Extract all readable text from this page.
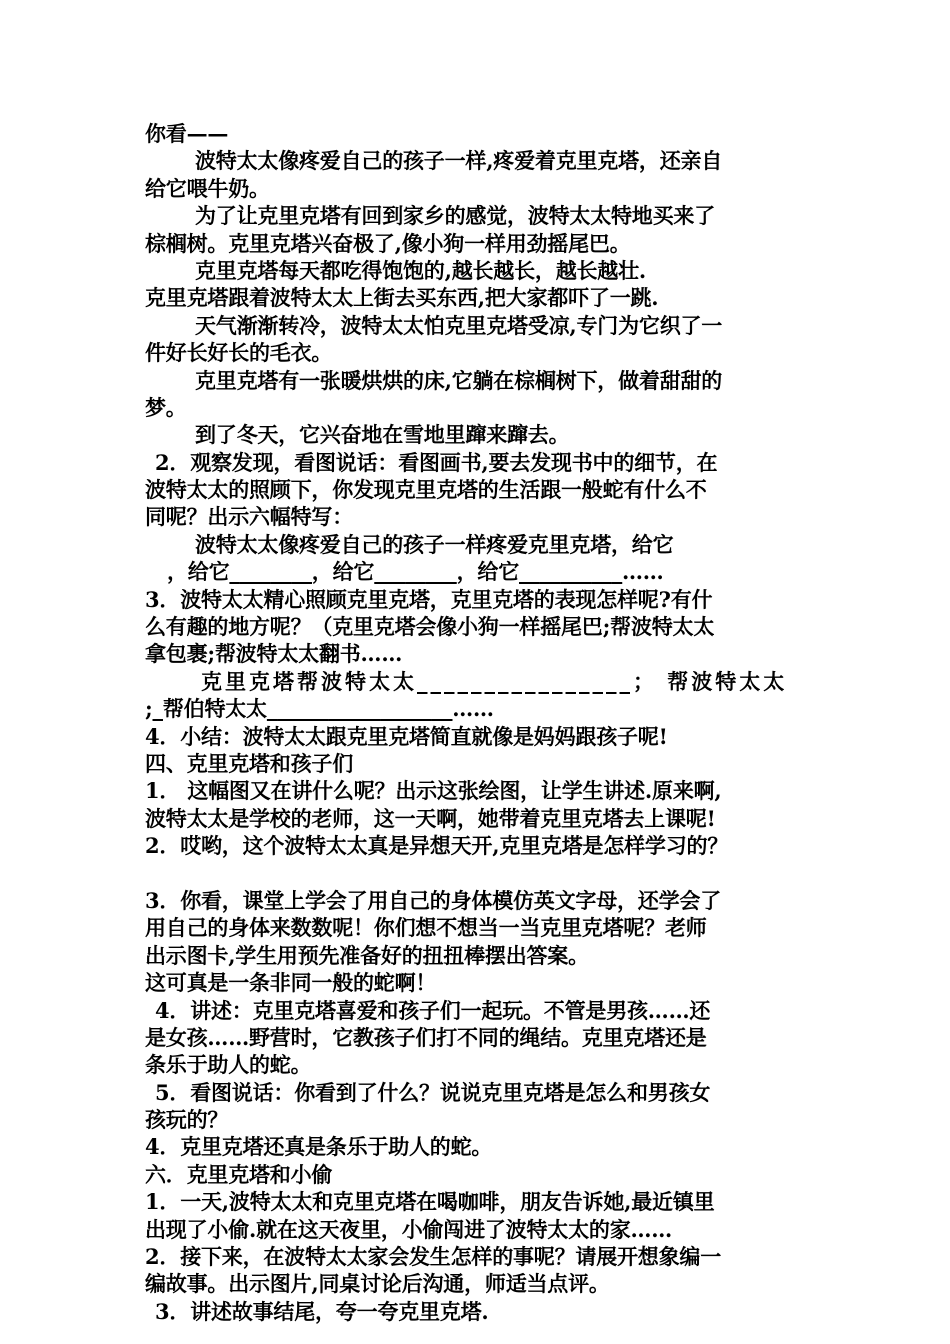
你看——
波特太太像疼爱自己的孩子一样,疼爱着克里克塔，还亲自
给它喂牛奶。
为了让克里克塔有回到家乡的感觉，波特太太特地买来了
棕榈树。克里克塔兴奋极了,像小狗一样用劲摇尾巴。
克里克塔每天都吃得饱饱的,越长越长，越长越壮.
克里克塔跟着波特太太上街去买东西,把大家都吓了一跳.
天气渐渐转冷，波特太太怕克里克塔受凉,专门为它织了一
件好长好长的毛衣。
克里克塔有一张暖烘烘的床,它躺在棕榈树下，做着甜甜的
梦。
到了冬天，它兴奋地在雪地里蹿来蹿去。
2．观察发现，看图说话：看图画书,要去发现书中的细节，在
波特太太的照顾下，你发现克里克塔的生活跟一般蛇有什么不
同呢？出示六幅特写：
波特太太像疼爱自己的孩子一样疼爱克里克塔，给它
，给它________，给它________，给它__________……
3．波特太太精心照顾克里克塔，克里克塔的表现怎样呢?有什
么有趣的地方呢？（克里克塔会像小狗一样摇尾巴;帮波特太太
拿包裹;帮波特太太翻书……
克里克塔帮波特太太________________； 帮波特太太
;_帮伯特太太__________________……
4．小结：波特太太跟克里克塔简直就像是妈妈跟孩子呢!
四、克里克塔和孩子们
1． 这幅图又在讲什么呢？出示这张绘图，让学生讲述.原来啊,
波特太太是学校的老师，这一天啊，她带着克里克塔去上课呢!
2．哎哟，这个波特太太真是异想天开,克里克塔是怎样学习的？
3．你看，课堂上学会了用自己的身体模仿英文字母，还学会了
用自己的身体来数数呢！你们想不想当一当克里克塔呢？老师
出示图卡,学生用预先准备好的扭扭棒摆出答案。
这可真是一条非同一般的蛇啊！
4．讲述：克里克塔喜爱和孩子们一起玩。不管是男孩……还
是女孩……野营时，它教孩子们打不同的绳结。克里克塔还是
条乐于助人的蛇。
5．看图说话：你看到了什么？说说克里克塔是怎么和男孩女
孩玩的？
4．克里克塔还真是条乐于助人的蛇。
六．克里克塔和小偷
1．一天,波特太太和克里克塔在喝咖啡，朋友告诉她,最近镇里
出现了小偷.就在这天夜里，小偷闯进了波特太太的家……
2．接下来，在波特太太家会发生怎样的事呢？请展开想象编一
编故事。出示图片,同桌讨论后沟通，师适当点评。
3．讲述故事结尾，夸一夸克里克塔.
